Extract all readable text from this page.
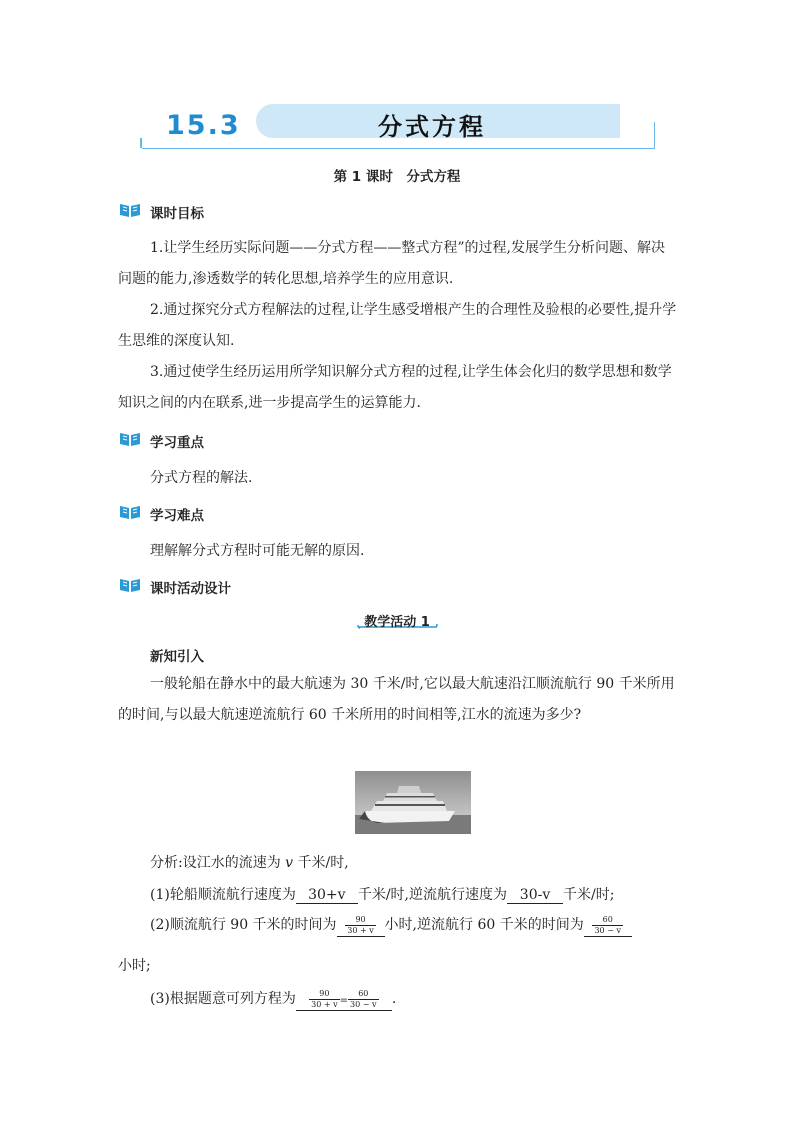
15.3	分式方程
第 1 课时　分式方程
课时目标

1.让学生经历实际问题——分式方程——整式方程”的过程,发展学生分析问题、解决问题的能力,渗透数学的转化思想,培养学生的应用意识.

2.通过探究分式方程解法的过程,让学生感受增根产生的合理性及验根的必要性,提升学生思维的深度认知.

3.通过使学生经历运用所学知识解分式方程的过程,让学生体会化归的数学思想和数学知识之间的内在联系,进一步提高学生的运算能力.

学习重点
分式方程的解法.
学习难点
理解解分式方程时可能无解的原因.
课时活动设计
教学活动 1
新知引入

一般轮船在静水中的最大航速为 30 千米/时,它以最大航速沿江顺流航行 90 千米所用的时间,与以最大航速逆流航行 60 千米所用的时间相等,江水的流速为多少?

分析:设江水的流速为 v 千米/时,
(1)轮船顺流航行速度为 30+v 千米/时,逆流航行速度为 30-v 千米/时;
(2)顺流航行 90 千米的时间为 $\frac{90}{30 + v}$ 小时,逆流航行 60 千米的时间为 $\frac{60}{30 - v}$
小时;
(3)根据题意可列方程为 $\frac{90}{30 + v} = \frac{60}{30 - v}$ .
